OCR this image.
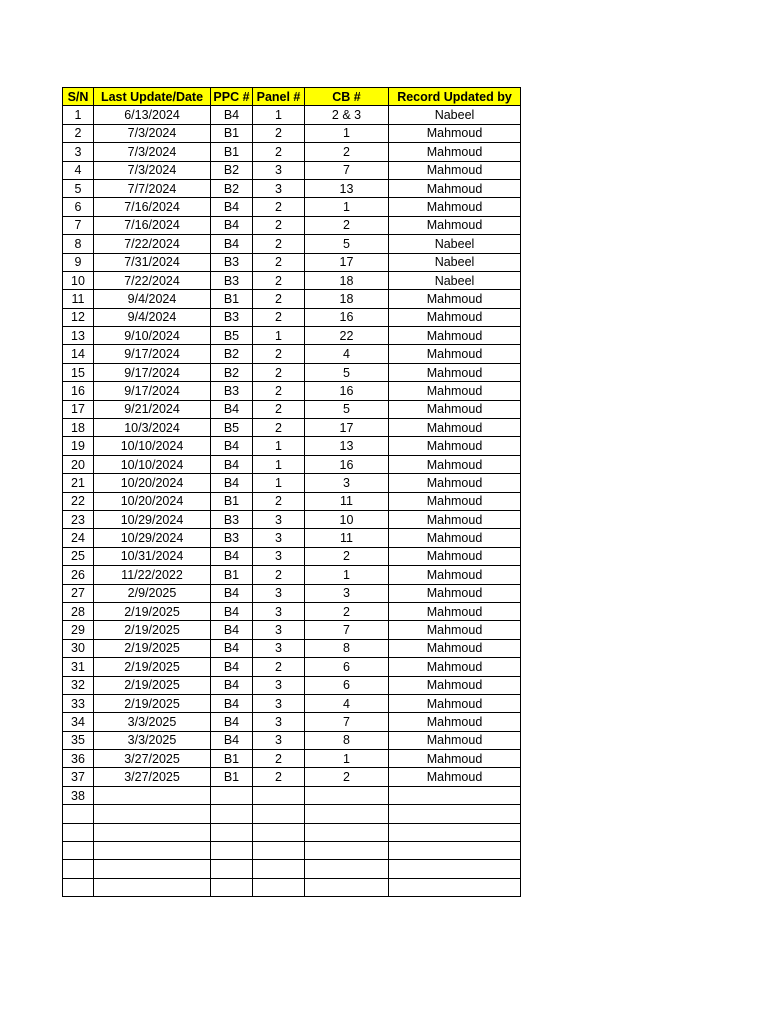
S/N	Last Update/Date	PPC #	Panel #	CB #	Record Updated by
1	6/13/2024	B4	1	2 & 3	Nabeel
2	7/3/2024	B1	2	1	Mahmoud
3	7/3/2024	B1	2	2	Mahmoud
4	7/3/2024	B2	3	7	Mahmoud
5	7/7/2024	B2	3	13	Mahmoud
6	7/16/2024	B4	2	1	Mahmoud
7	7/16/2024	B4	2	2	Mahmoud
8	7/22/2024	B4	2	5	Nabeel
9	7/31/2024	B3	2	17	Nabeel
10	7/22/2024	B3	2	18	Nabeel
11	9/4/2024	B1	2	18	Mahmoud
12	9/4/2024	B3	2	16	Mahmoud
13	9/10/2024	B5	1	22	Mahmoud
14	9/17/2024	B2	2	4	Mahmoud
15	9/17/2024	B2	2	5	Mahmoud
16	9/17/2024	B3	2	16	Mahmoud
17	9/21/2024	B4	2	5	Mahmoud
18	10/3/2024	B5	2	17	Mahmoud
19	10/10/2024	B4	1	13	Mahmoud
20	10/10/2024	B4	1	16	Mahmoud
21	10/20/2024	B4	1	3	Mahmoud
22	10/20/2024	B1	2	11	Mahmoud
23	10/29/2024	B3	3	10	Mahmoud
24	10/29/2024	B3	3	11	Mahmoud
25	10/31/2024	B4	3	2	Mahmoud
26	11/22/2022	B1	2	1	Mahmoud
27	2/9/2025	B4	3	3	Mahmoud
28	2/19/2025	B4	3	2	Mahmoud
29	2/19/2025	B4	3	7	Mahmoud
30	2/19/2025	B4	3	8	Mahmoud
31	2/19/2025	B4	2	6	Mahmoud
32	2/19/2025	B4	3	6	Mahmoud
33	2/19/2025	B4	3	4	Mahmoud
34	3/3/2025	B4	3	7	Mahmoud
35	3/3/2025	B4	3	8	Mahmoud
36	3/27/2025	B1	2	1	Mahmoud
37	3/27/2025	B1	2	2	Mahmoud
38					
